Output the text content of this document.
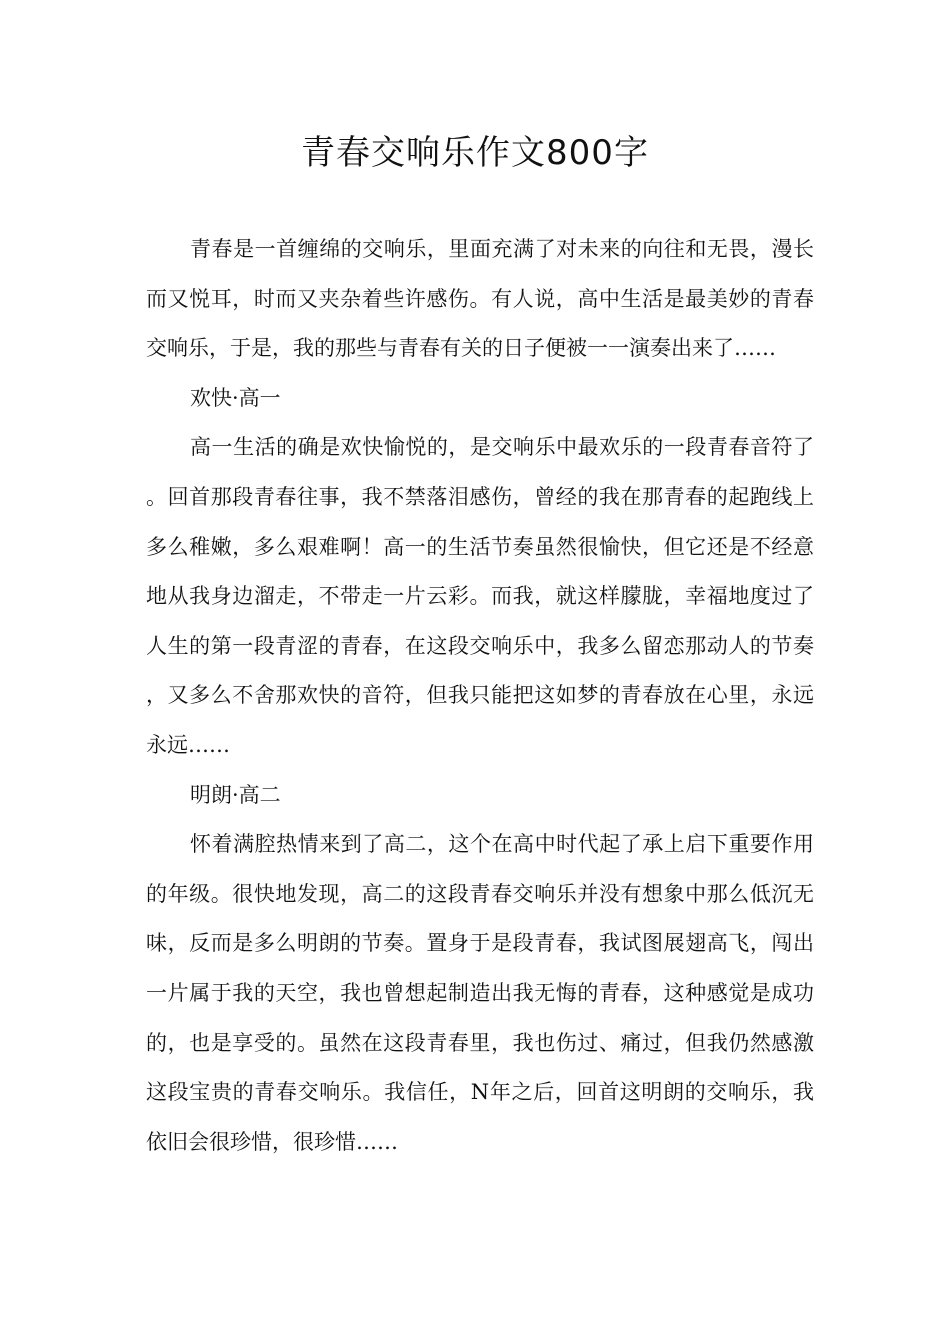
青春交响乐作文800字

青春是一首缠绵的交响乐，里面充满了对未来的向往和无畏，漫长而又悦耳，时而又夹杂着些许感伤。有人说，高中生活是最美妙的青春交响乐，于是，我的那些与青春有关的日子便被一一演奏出来了……

欢快·高一

高一生活的确是欢快愉悦的，是交响乐中最欢乐的一段青春音符了。回首那段青春往事，我不禁落泪感伤，曾经的我在那青春的起跑线上多么稚嫩，多么艰难啊！高一的生活节奏虽然很愉快，但它还是不经意地从我身边溜走，不带走一片云彩。而我，就这样朦胧，幸福地度过了人生的第一段青涩的青春，在这段交响乐中，我多么留恋那动人的节奏，又多么不舍那欢快的音符，但我只能把这如梦的青春放在心里，永远永远……

明朗·高二

怀着满腔热情来到了高二，这个在高中时代起了承上启下重要作用的年级。很快地发现，高二的这段青春交响乐并没有想象中那么低沉无味，反而是多么明朗的节奏。置身于是段青春，我试图展翅高飞，闯出一片属于我的天空，我也曾想起制造出我无悔的青春，这种感觉是成功的，也是享受的。虽然在这段青春里，我也伤过、痛过，但我仍然感激这段宝贵的青春交响乐。我信任，N年之后，回首这明朗的交响乐，我依旧会很珍惜，很珍惜……
